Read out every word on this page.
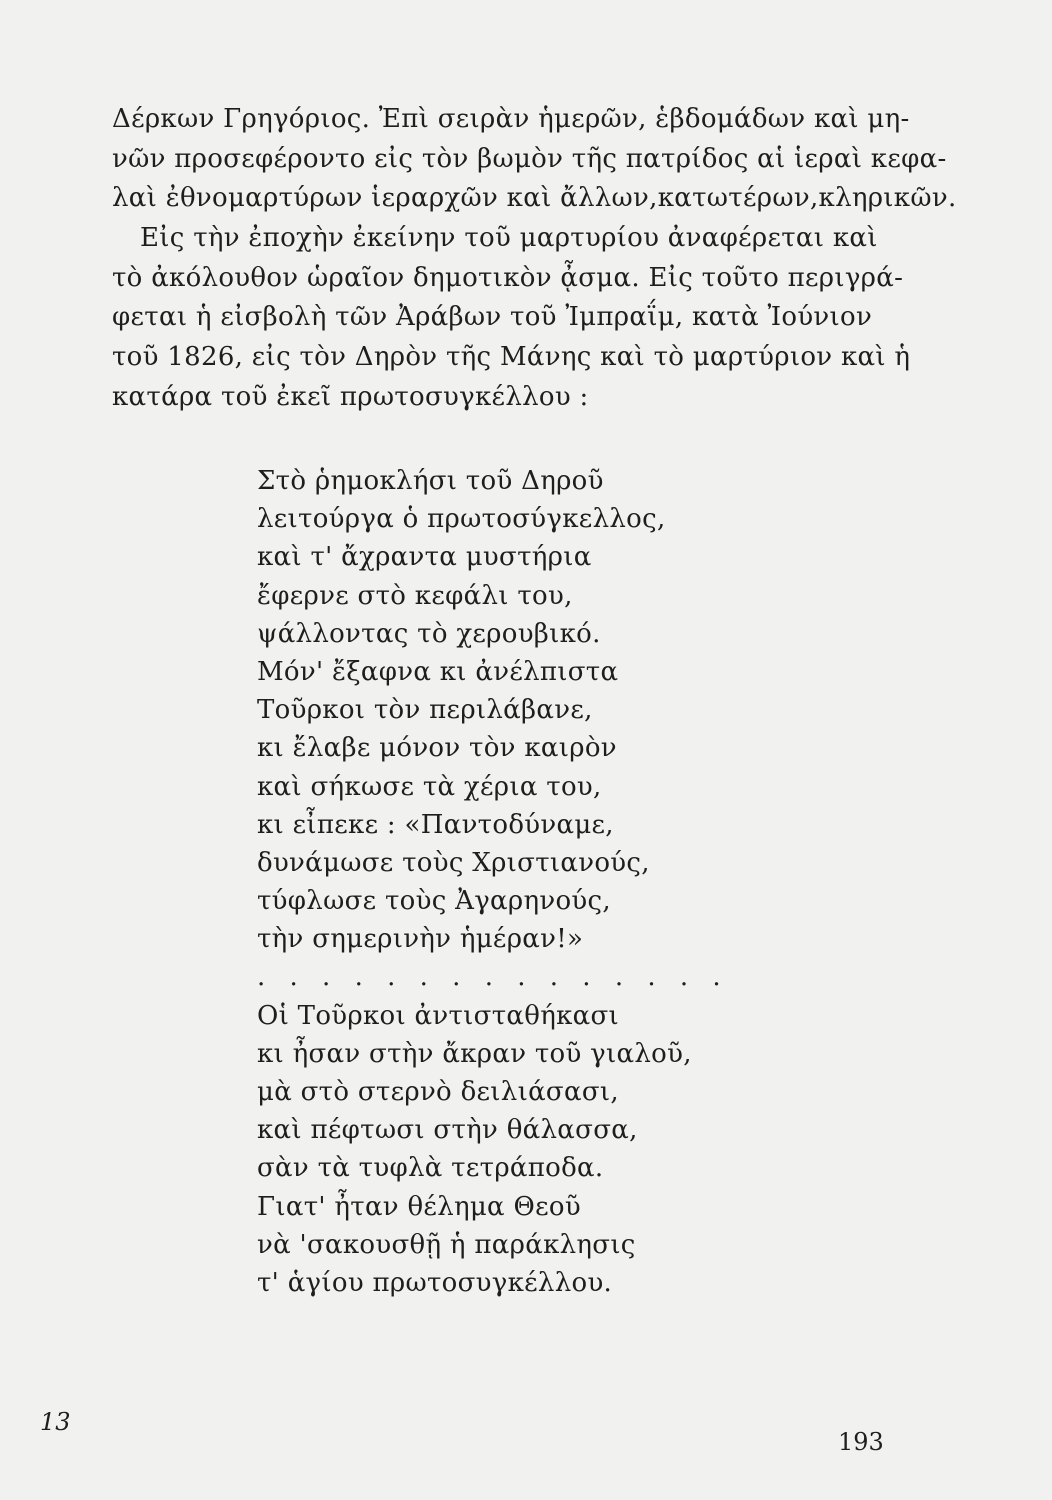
Δέρκων Γρηγόριος. Ἐπὶ σειρὰν ἡμερῶν, ἑβδομάδων καὶ μη-
νῶν προσεφέροντο εἰς τὸν βωμὸν τῆς πατρίδος αἱ ἱεραὶ κεφα-
λαὶ ἐθνομαρτύρων ἱεραρχῶν καὶ ἄλλων,κατωτέρων,κληρικῶν.
Εἰς τὴν ἐποχὴν ἐκείνην τοῦ μαρτυρίου ἀναφέρεται καὶ
τὸ ἀκόλουθον ὡραῖον δημοτικὸν ᾆσμα. Εἰς τοῦτο περιγρά-
φεται ἡ εἰσβολὴ τῶν Ἀράβων τοῦ Ἰμπραΐμ, κατὰ Ἰούνιον
τοῦ 1826, εἰς τὸν Δηρὸν τῆς Μάνης καὶ τὸ μαρτύριον καὶ ἡ
κατάρα τοῦ ἐκεῖ πρωτοσυγκέλλου :
Στὸ ῥημοκλήσι τοῦ Δηροῦ
λειτούργα ὁ πρωτοσύγκελλος,
καὶ τ' ἄχραντα μυστήρια
ἔφερνε στὸ κεφάλι του,
ψάλλοντας τὸ χερουβικό.
Μόν' ἔξαφνα κι ἀνέλπιστα
Τοῦρκοι τὸν περιλάβανε,
κι ἔλαβε μόνον τὸν καιρὸν
καὶ σήκωσε τὰ χέρια του,
κι εἶπεκε : «Παντοδύναμε,
δυνάμωσε τοὺς Χριστιανούς,
τύφλωσε τοὺς Ἀγαρηνούς,
τὴν σημερινὴν ἡμέραν!»
. . . . . . . . . . . . . . .
Οἱ Τοῦρκοι ἀντισταθήκασι
κι ἦσαν στὴν ἄκραν τοῦ γιαλοῦ,
μὰ στὸ στερνὸ δειλιάσασι,
καὶ πέφτωσι στὴν θάλασσα,
σὰν τὰ τυφλὰ τετράποδα.
Γιατ' ἦταν θέλημα Θεοῦ
νὰ 'σακουσθῇ ἡ παράκλησις
τ' ἁγίου πρωτοσυγκέλλου.
13
193
